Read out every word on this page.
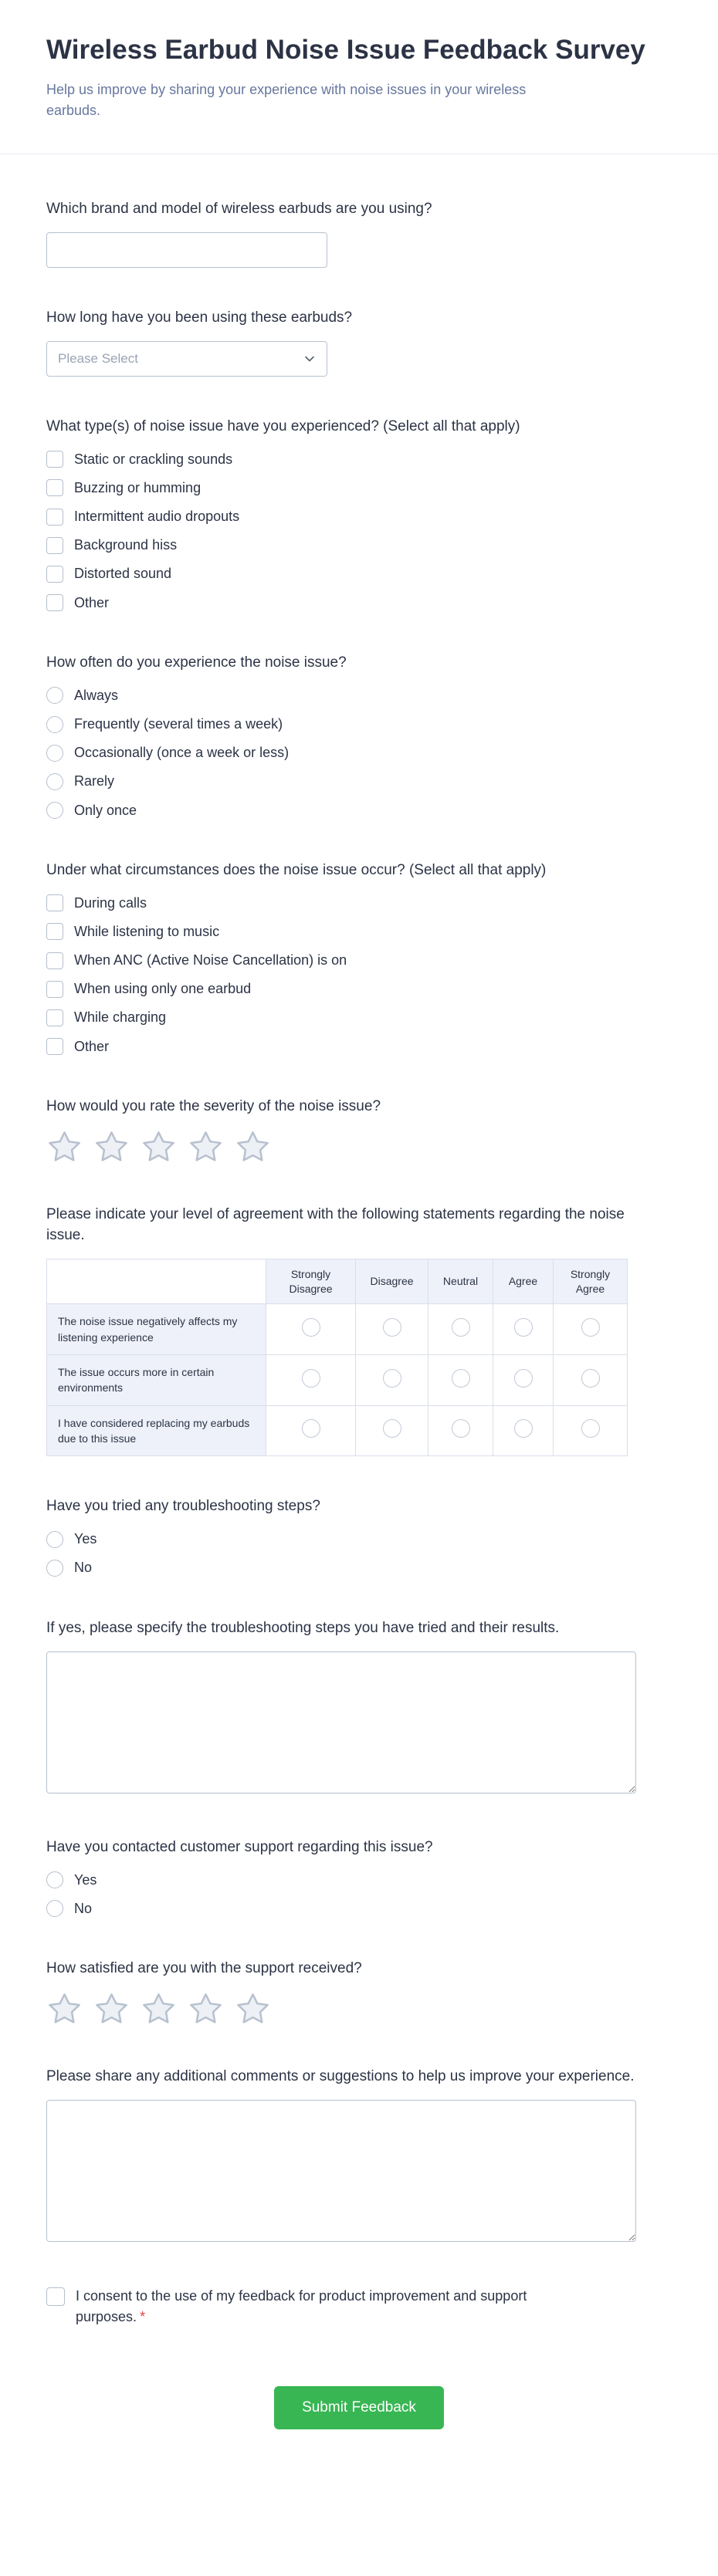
Wireless Earbud Noise Issue Feedback Survey

Help us improve by sharing your experience with noise issues in your wireless earbuds.

Which brand and model of wireless earbuds are you using?
How long have you been using these earbuds?
Please Select
What type(s) of noise issue have you experienced? (Select all that apply)
Static or crackling sounds
Buzzing or humming
Intermittent audio dropouts
Background hiss
Distorted sound
Other
How often do you experience the noise issue?
Always
Frequently (several times a week)
Occasionally (once a week or less)
Rarely
Only once
Under what circumstances does the noise issue occur? (Select all that apply)
During calls
While listening to music
When ANC (Active Noise Cancellation) is on
When using only one earbud
While charging
Other
How would you rate the severity of the noise issue?
Please indicate your level of agreement with the following statements regarding the noise issue.
	Strongly Disagree	Disagree	Neutral	Agree	Strongly Agree
The noise issue negatively affects my listening experience					
The issue occurs more in certain environments					
I have considered replacing my earbuds due to this issue					
Have you tried any troubleshooting steps?
Yes
No
If yes, please specify the troubleshooting steps you have tried and their results.
Have you contacted customer support regarding this issue?
Yes
No
How satisfied are you with the support received?
Please share any additional comments or suggestions to help us improve your experience.
I consent to the use of my feedback for product improvement and support purposes. *
Submit Feedback
